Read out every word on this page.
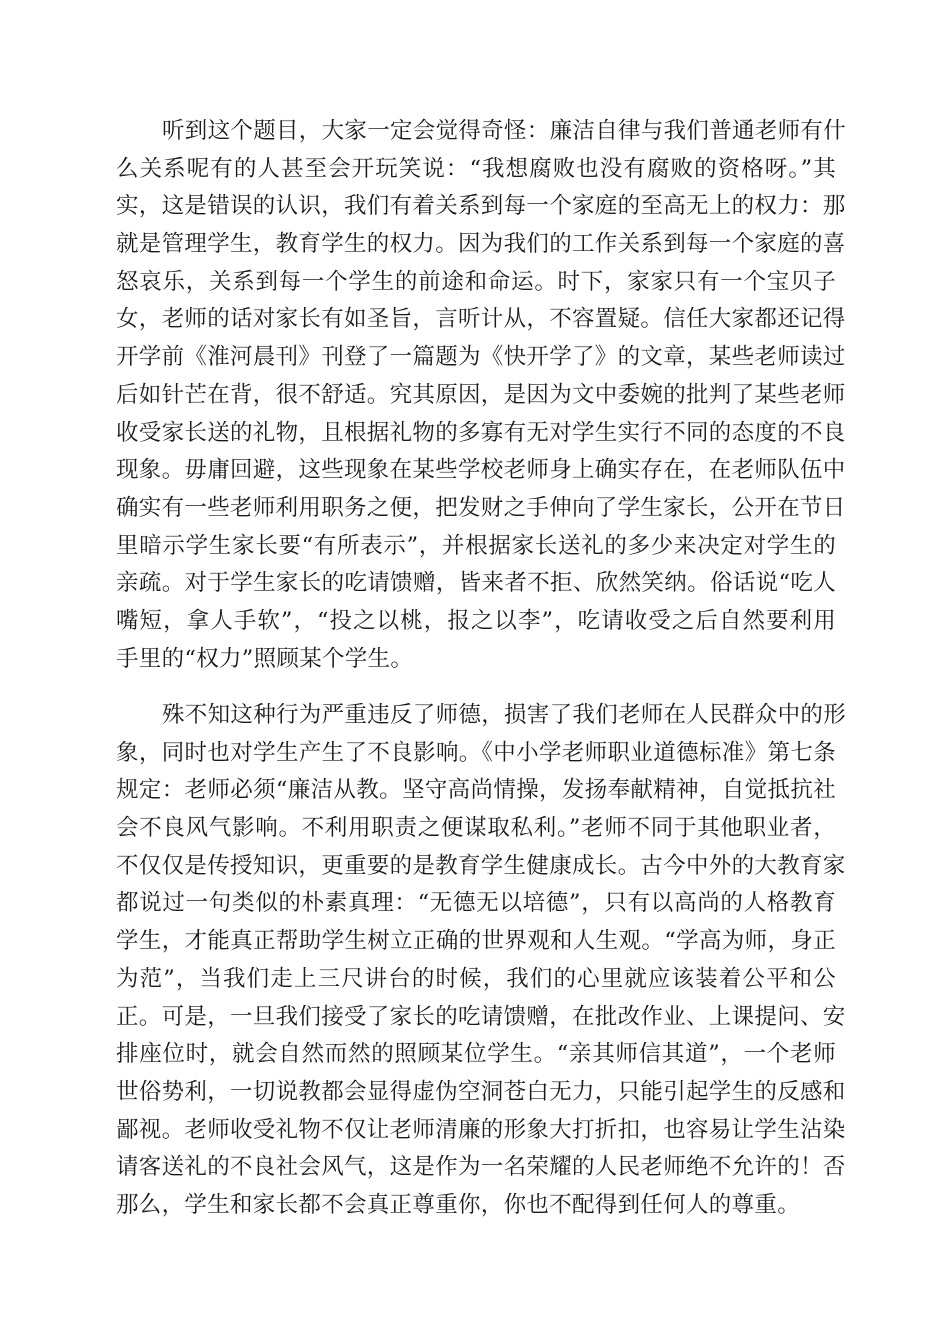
听到这个题目，大家一定会觉得奇怪：廉洁自律与我们普通老师有什
么关系呢有的人甚至会开玩笑说：“我想腐败也没有腐败的资格呀。”其
实，这是错误的认识，我们有着关系到每一个家庭的至高无上的权力：那
就是管理学生，教育学生的权力。因为我们的工作关系到每一个家庭的喜
怒哀乐，关系到每一个学生的前途和命运。时下，家家只有一个宝贝子
女，老师的话对家长有如圣旨，言听计从，不容置疑。信任大家都还记得
开学前《淮河晨刊》刊登了一篇题为《快开学了》的文章，某些老师读过
后如针芒在背，很不舒适。究其原因，是因为文中委婉的批判了某些老师
收受家长送的礼物，且根据礼物的多寡有无对学生实行不同的态度的不良
现象。毋庸回避，这些现象在某些学校老师身上确实存在，在老师队伍中
确实有一些老师利用职务之便，把发财之手伸向了学生家长，公开在节日
里暗示学生家长要“有所表示”，并根据家长送礼的多少来决定对学生的
亲疏。对于学生家长的吃请馈赠，皆来者不拒、欣然笑纳。俗话说“吃人
嘴短，拿人手软”，“投之以桃，报之以李”，吃请收受之后自然要利用
手里的“权力”照顾某个学生。
殊不知这种行为严重违反了师德，损害了我们老师在人民群众中的形
象，同时也对学生产生了不良影响。《中小学老师职业道德标准》第七条
规定：老师必须“廉洁从教。坚守高尚情操，发扬奉献精神，自觉抵抗社
会不良风气影响。不利用职责之便谋取私利。”老师不同于其他职业者，
不仅仅是传授知识，更重要的是教育学生健康成长。古今中外的大教育家
都说过一句类似的朴素真理：“无德无以培德”，只有以高尚的人格教育
学生，才能真正帮助学生树立正确的世界观和人生观。“学高为师，身正
为范”，当我们走上三尺讲台的时候，我们的心里就应该装着公平和公
正。可是，一旦我们接受了家长的吃请馈赠，在批改作业、上课提问、安
排座位时，就会自然而然的照顾某位学生。“亲其师信其道”，一个老师
世俗势利，一切说教都会显得虚伪空洞苍白无力，只能引起学生的反感和
鄙视。老师收受礼物不仅让老师清廉的形象大打折扣，也容易让学生沾染
请客送礼的不良社会风气，这是作为一名荣耀的人民老师绝不允许的！否
那么，学生和家长都不会真正尊重你，你也不配得到任何人的尊重。
